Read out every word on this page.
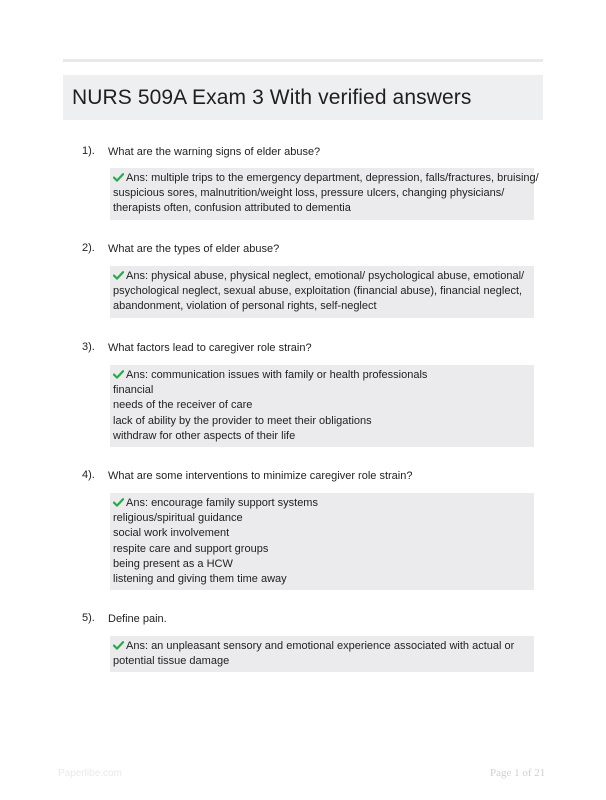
NURS 509A Exam 3 With verified answers
1). What are the warning signs of elder abuse?
Ans: multiple trips to the emergency department, depression, falls/fractures, bruising/
suspicious sores, malnutrition/weight loss, pressure ulcers, changing physicians/
therapists often, confusion attributed to dementia
2). What are the types of elder abuse?
Ans: physical abuse, physical neglect, emotional/ psychological abuse, emotional/
psychological neglect, sexual abuse, exploitation (financial abuse), financial neglect,
abandonment, violation of personal rights, self-neglect
3). What factors lead to caregiver role strain?
Ans: communication issues with family or health professionals
financial
needs of the receiver of care
lack of ability by the provider to meet their obligations
withdraw for other aspects of their life
4). What are some interventions to minimize caregiver role strain?
Ans: encourage family support systems
religious/spiritual guidance
social work involvement
respite care and support groups
being present as a HCW
listening and giving them time away
5). Define pain.
Ans: an unpleasant sensory and emotional experience associated with actual or
potential tissue damage
Paperlibe.com	Page 1 of 21
